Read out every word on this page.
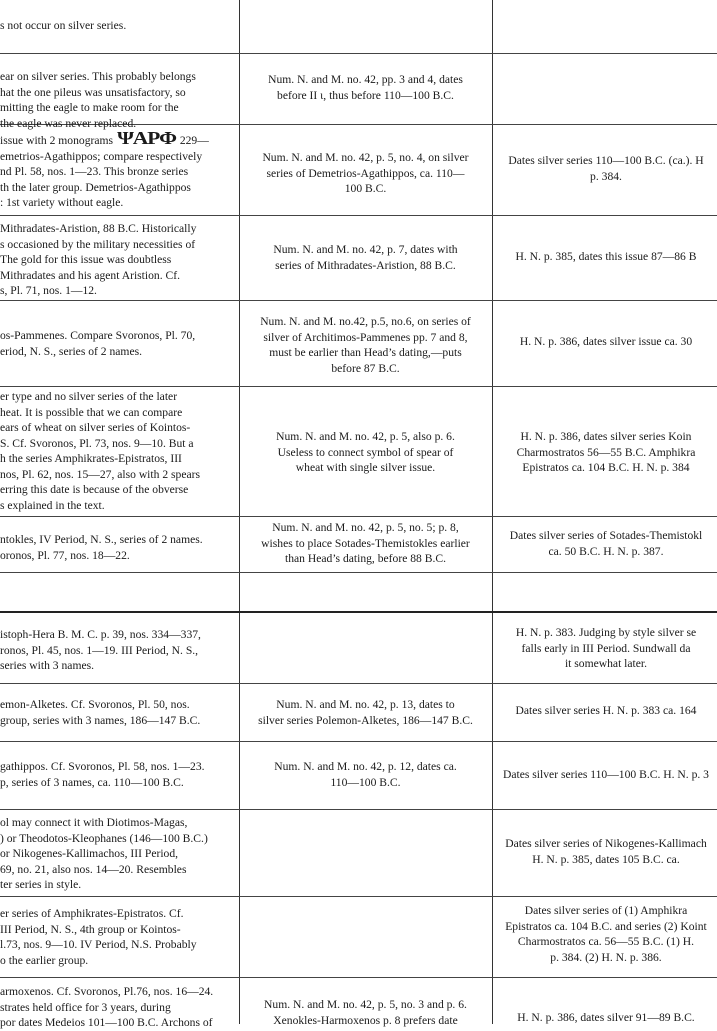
s not occur on silver series.
ear on silver series. This probably belongs
hat the one pileus was unsatisfactory, so
mitting the eagle to make room for the
the eagle was never replaced.
Num. N. and M. no. 42, pp. 3 and 4, dates
before II ι, thus before 110—100 B.C.
issue with 2 monograms ΨΑΡΦ 229—
emetrios-Agathippos; compare respectively
nd Pl. 58, nos. 1—23. This bronze series
th the later group. Demetrios-Agathippos
: 1st variety without eagle.
Num. N. and M. no. 42, p. 5, no. 4, on silver
series of Demetrios-Agathippos, ca. 110—
100 B.C.
Dates silver series 110—100 B.C. (ca.). H
p. 384.
Mithradates-Aristion, 88 B.C. Historically
s occasioned by the military necessities of
The gold for this issue was doubtless
Mithradates and his agent Aristion. Cf.
s, Pl. 71, nos. 1—12.
Num. N. and M. no. 42, p. 7, dates with
series of Mithradates-Aristion, 88 B.C.
H. N. p. 385, dates this issue 87—86 B
os-Pammenes. Compare Svoronos, Pl. 70,
eriod, N. S., series of 2 names.
Num. N. and M. no.42, p.5, no.6, on series of
silver of Architimos-Pammenes pp. 7 and 8,
must be earlier than Head’s dating,—puts
before 87 B.C.
H. N. p. 386, dates silver issue ca. 30
er type and no silver series of the later
heat. It is possible that we can compare
ears of wheat on silver series of Kointos-
S. Cf. Svoronos, Pl. 73, nos. 9—10. But a
h the series Amphikrates-Epistratos, III
nos, Pl. 62, nos. 15—27, also with 2 spears
erring this date is because of the obverse
s explained in the text.
Num. N. and M. no. 42, p. 5, also p. 6.
Useless to connect symbol of spear of
wheat with single silver issue.
H. N. p. 386, dates silver series Koin
Charmostratos 56—55 B.C. Amphikra
Epistratos ca. 104 B.C. H. N. p. 384
ntokles, IV Period, N. S., series of 2 names.
oronos, Pl. 77, nos. 18—22.
Num. N. and M. no. 42, p. 5, no. 5; p. 8,
wishes to place Sotades-Themistokles earlier
than Head’s dating, before 88 B.C.
Dates silver series of Sotades-Themistokl
ca. 50 B.C. H. N. p. 387.
istoph-Hera B. M. C. p. 39, nos. 334—337,
ronos, Pl. 45, nos. 1—19. III Period, N. S.,
series with 3 names.
H. N. p. 383. Judging by style silver se
falls early in III Period. Sundwall da
it somewhat later.
emon-Alketes. Cf. Svoronos, Pl. 50, nos.
group, series with 3 names, 186—147 B.C.
Num. N. and M. no. 42, p. 13, dates to
silver series Polemon-Alketes, 186—147 B.C.
Dates silver series H. N. p. 383 ca. 164
gathippos. Cf. Svoronos, Pl. 58, nos. 1—23.
p, series of 3 names, ca. 110—100 B.C.
Num. N. and M. no. 42, p. 12, dates ca.
110—100 B.C.
Dates silver series 110—100 B.C. H. N. p. 3
ol may connect it with Diotimos-Magas,
) or Theodotos-Kleophanes (146—100 B.C.)
or Nikogenes-Kallimachos, III Period,
69, no. 21, also nos. 14—20. Resembles
ter series in style.
Dates silver series of Nikogenes-Kallimach
H. N. p. 385, dates 105 B.C. ca.
er series of Amphikrates-Epistratos. Cf.
III Period, N. S., 4th group or Kointos-
l.73, nos. 9—10. IV Period, N.S. Probably
o the earlier group.
Dates silver series of (1) Amphikra
Epistratos ca. 104 B.C. and series (2) Koint
Charmostratos ca. 56—55 B.C. (1) H.
p. 384. (2) H. N. p. 386.
armoxenos. Cf. Svoronos, Pl.76, nos. 16—24.
strates held office for 3 years, during
por dates Medeios 101—100 B.C. Archons of
Num. N. and M. no. 42, p. 5, no. 3 and p. 6.
Xenokles-Harmoxenos p. 8 prefers date	H. N. p. 386, dates silver 91—89 B.C.
